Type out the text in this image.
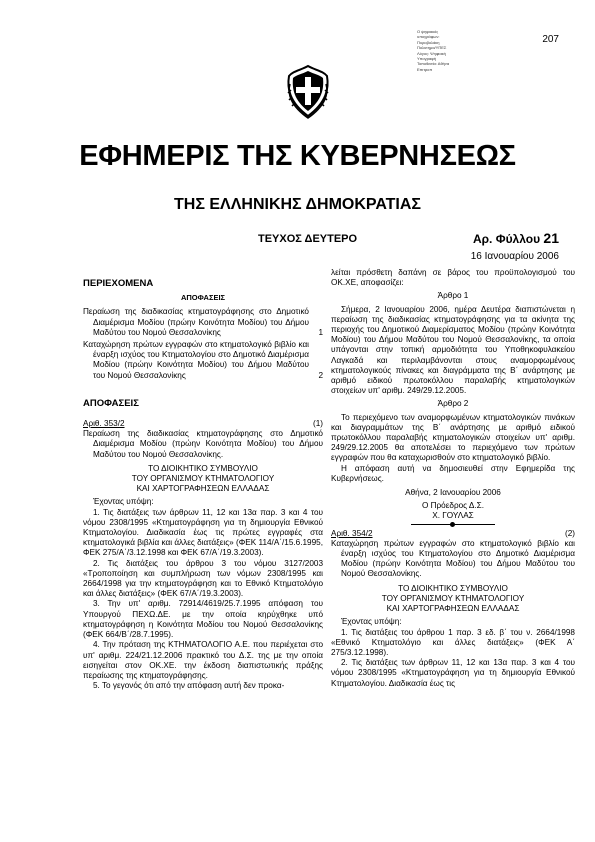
Ο ψηφιακός
υπογράφων:
Πυροβολάκη
Πολυτημα/ΥΠΕΣ
Λόγος: Ψηφιακή
Υπογραφή
Τοποθεσία: Αθήνα
Επιτροπ
207
ΕΦΗΜΕΡΙΣ ΤΗΣ ΚΥΒΕΡΝΗΣΕΩΣ
ΤΗΣ ΕΛΛΗΝΙΚΗΣ ΔΗΜΟΚΡΑΤΙΑΣ
ΤΕΥΧΟΣ ΔΕΥΤΕΡΟ	Αρ. Φύλλου 21
16 Ιανουαρίου 2006

ΠΕΡΙΕΧΟΜΕΝΑ

ΑΠΟΦΑΣΕΙΣ

Περαίωση της διαδικασίας κτηματογράφησης στο Δημοτικό Διαμέρισμα Μοδίου (πρώην Κοινότητα Μοδίου) του Δήμου Μαδύτου του Νομού Θεσσαλονίκης	1
Καταχώρηση πρώτων εγγραφών στο κτηματολογικό βιβλίο και έναρξη ισχύος του Κτηματολογίου στο Δημοτικό Διαμέρισμα Μοδίου (πρώην Κοινότητα Μοδίου) του Δήμου Μαδύτου του Νομού Θεσσαλονίκης	2

ΑΠΟΦΑΣΕΙΣ

Αριθ. 353/2	(1)

Περαίωση της διαδικασίας κτηματογράφησης στο Δημοτικό Διαμέρισμα Μοδίου (πρώην Κοινότητα Μοδίου) του Δήμου Μαδύτου του Νομού Θεσσαλονίκης.

ΤΟ ΔΙΟΙΚΗΤΙΚΟ ΣΥΜΒΟΥΛΙΟ

ΤΟΥ ΟΡΓΑΝΙΣΜΟΥ ΚΤΗΜΑΤΟΛΟΓΙΟΥ

ΚΑΙ ΧΑΡΤΟΓΡΑΦΗΣΕΩΝ ΕΛΛΑΔΑΣ

Έχοντας υπόψη:

1. Τις διατάξεις των άρθρων 11, 12 και 13α παρ. 3 και 4 του νόμου 2308/1995 «Κτηματογράφηση για τη δημιουργία Εθνικού Κτηματολογίου. Διαδικασία έως τις πρώτες εγγραφές στα κτηματολογικά βιβλία και άλλες διατάξεις» (ΦΕΚ 114/Α΄/15.6.1995, ΦΕΚ 275/Α΄/3.12.1998 και ΦΕΚ 67/Α΄/19.3.2003).

2. Τις διατάξεις του άρθρου 3 του νόμου 3127/2003 «Τροποποίηση και συμπλήρωση των νόμων 2308/1995 και 2664/1998 για την κτηματογράφηση και το Εθνικό Κτηματολόγιο και άλλες διατάξεις» (ΦΕΚ 67/Α΄/19.3.2003).

3. Την υπ' αριθμ. 72914/4619/25.7.1995 απόφαση του Υπουργού ΠΕΧΩ.ΔΕ. με την οποία κηρύχθηκε υπό κτηματογράφηση η Κοινότητα Μοδίου του Νομού Θεσσαλονίκης (ΦΕΚ 664/Β΄/28.7.1995).

4. Την πρόταση της ΚΤΗΜΑΤΟΛΟΓΙΟ Α.Ε. που περιέχεται στο υπ' αριθμ. 224/21.12.2006 πρακτικό του Δ.Σ. της με την οποία εισηγείται στον ΟΚ.ΧΕ. την έκδοση διαπιστωτικής πράξης περαίωσης της κτηματογράφησης.

5. Το γεγονός ότι από την απόφαση αυτή δεν προκα-

λείται πρόσθετη δαπάνη σε βάρος του προϋπολογισμού του ΟΚ.ΧΕ, αποφασίζει:

Άρθρο 1

Σήμερα, 2 Ιανουαρίου 2006, ημέρα Δευτέρα διαπιστώνεται η περαίωση της διαδικασίας κτηματογράφησης για τα ακίνητα της περιοχής του Δημοτικού Διαμερίσματος Μοδίου (πρώην Κοινότητα Μοδίου) του Δήμου Μαδύτου του Νομού Θεσσαλονίκης, τα οποία υπάγονται στην τοπική αρμοδιότητα του Υποθηκοφυλακείου Λαγκαδά και περιλαμβάνονται στους αναμορφωμένους κτηματολογικούς πίνακες και διαγράμματα της Β΄ ανάρτησης με αριθμό ειδικού πρωτοκόλλου παραλαβής κτηματολογικών στοιχείων υπ' αριθμ. 249/29.12.2005.

Άρθρο 2

Το περιεχόμενο των αναμορφωμένων κτηματολογικών πινάκων και διαγραμμάτων της Β΄ ανάρτησης με αριθμό ειδικού πρωτοκόλλου παραλαβής κτηματολογικών στοιχείων υπ' αριθμ. 249/29.12.2005 θα αποτελέσει το περιεχόμενο των πρώτων εγγραφών που θα καταχωρισθούν στο κτηματολογικό βιβλίο.

Η απόφαση αυτή να δημοσιευθεί στην Εφημερίδα της Κυβερνήσεως.

Αθήνα, 2 Ιανουαρίου 2006

Ο Πρόεδρος Δ.Σ.

Χ. ΓΟΥΛΑΣ

Αριθ. 354/2	(2)

Καταχώρηση πρώτων εγγραφών στο κτηματολογικό βιβλίο και έναρξη ισχύος του Κτηματολογίου στο Δημοτικό Διαμέρισμα Μοδίου (πρώην Κοινότητα Μοδίου) του Δήμου Μαδύτου του Νομού Θεσσαλονίκης.

ΤΟ ΔΙΟΙΚΗΤΙΚΟ ΣΥΜΒΟΥΛΙΟ

ΤΟΥ ΟΡΓΑΝΙΣΜΟΥ ΚΤΗΜΑΤΟΛΟΓΙΟΥ

ΚΑΙ ΧΑΡΤΟΓΡΑΦΗΣΕΩΝ ΕΛΛΑΔΑΣ

Έχοντας υπόψη:

1. Τις διατάξεις του άρθρου 1 παρ. 3 εδ. β΄ του ν. 2664/1998 «Εθνικό Κτηματολόγιο και άλλες διατάξεις» (ΦΕΚ Α΄ 275/3.12.1998).

2. Τις διατάξεις των άρθρων 11, 12 και 13α παρ. 3 και 4 του νόμου 2308/1995 «Κτηματογράφηση για τη δημιουργία Εθνικού Κτηματολογίου. Διαδικασία έως τις
